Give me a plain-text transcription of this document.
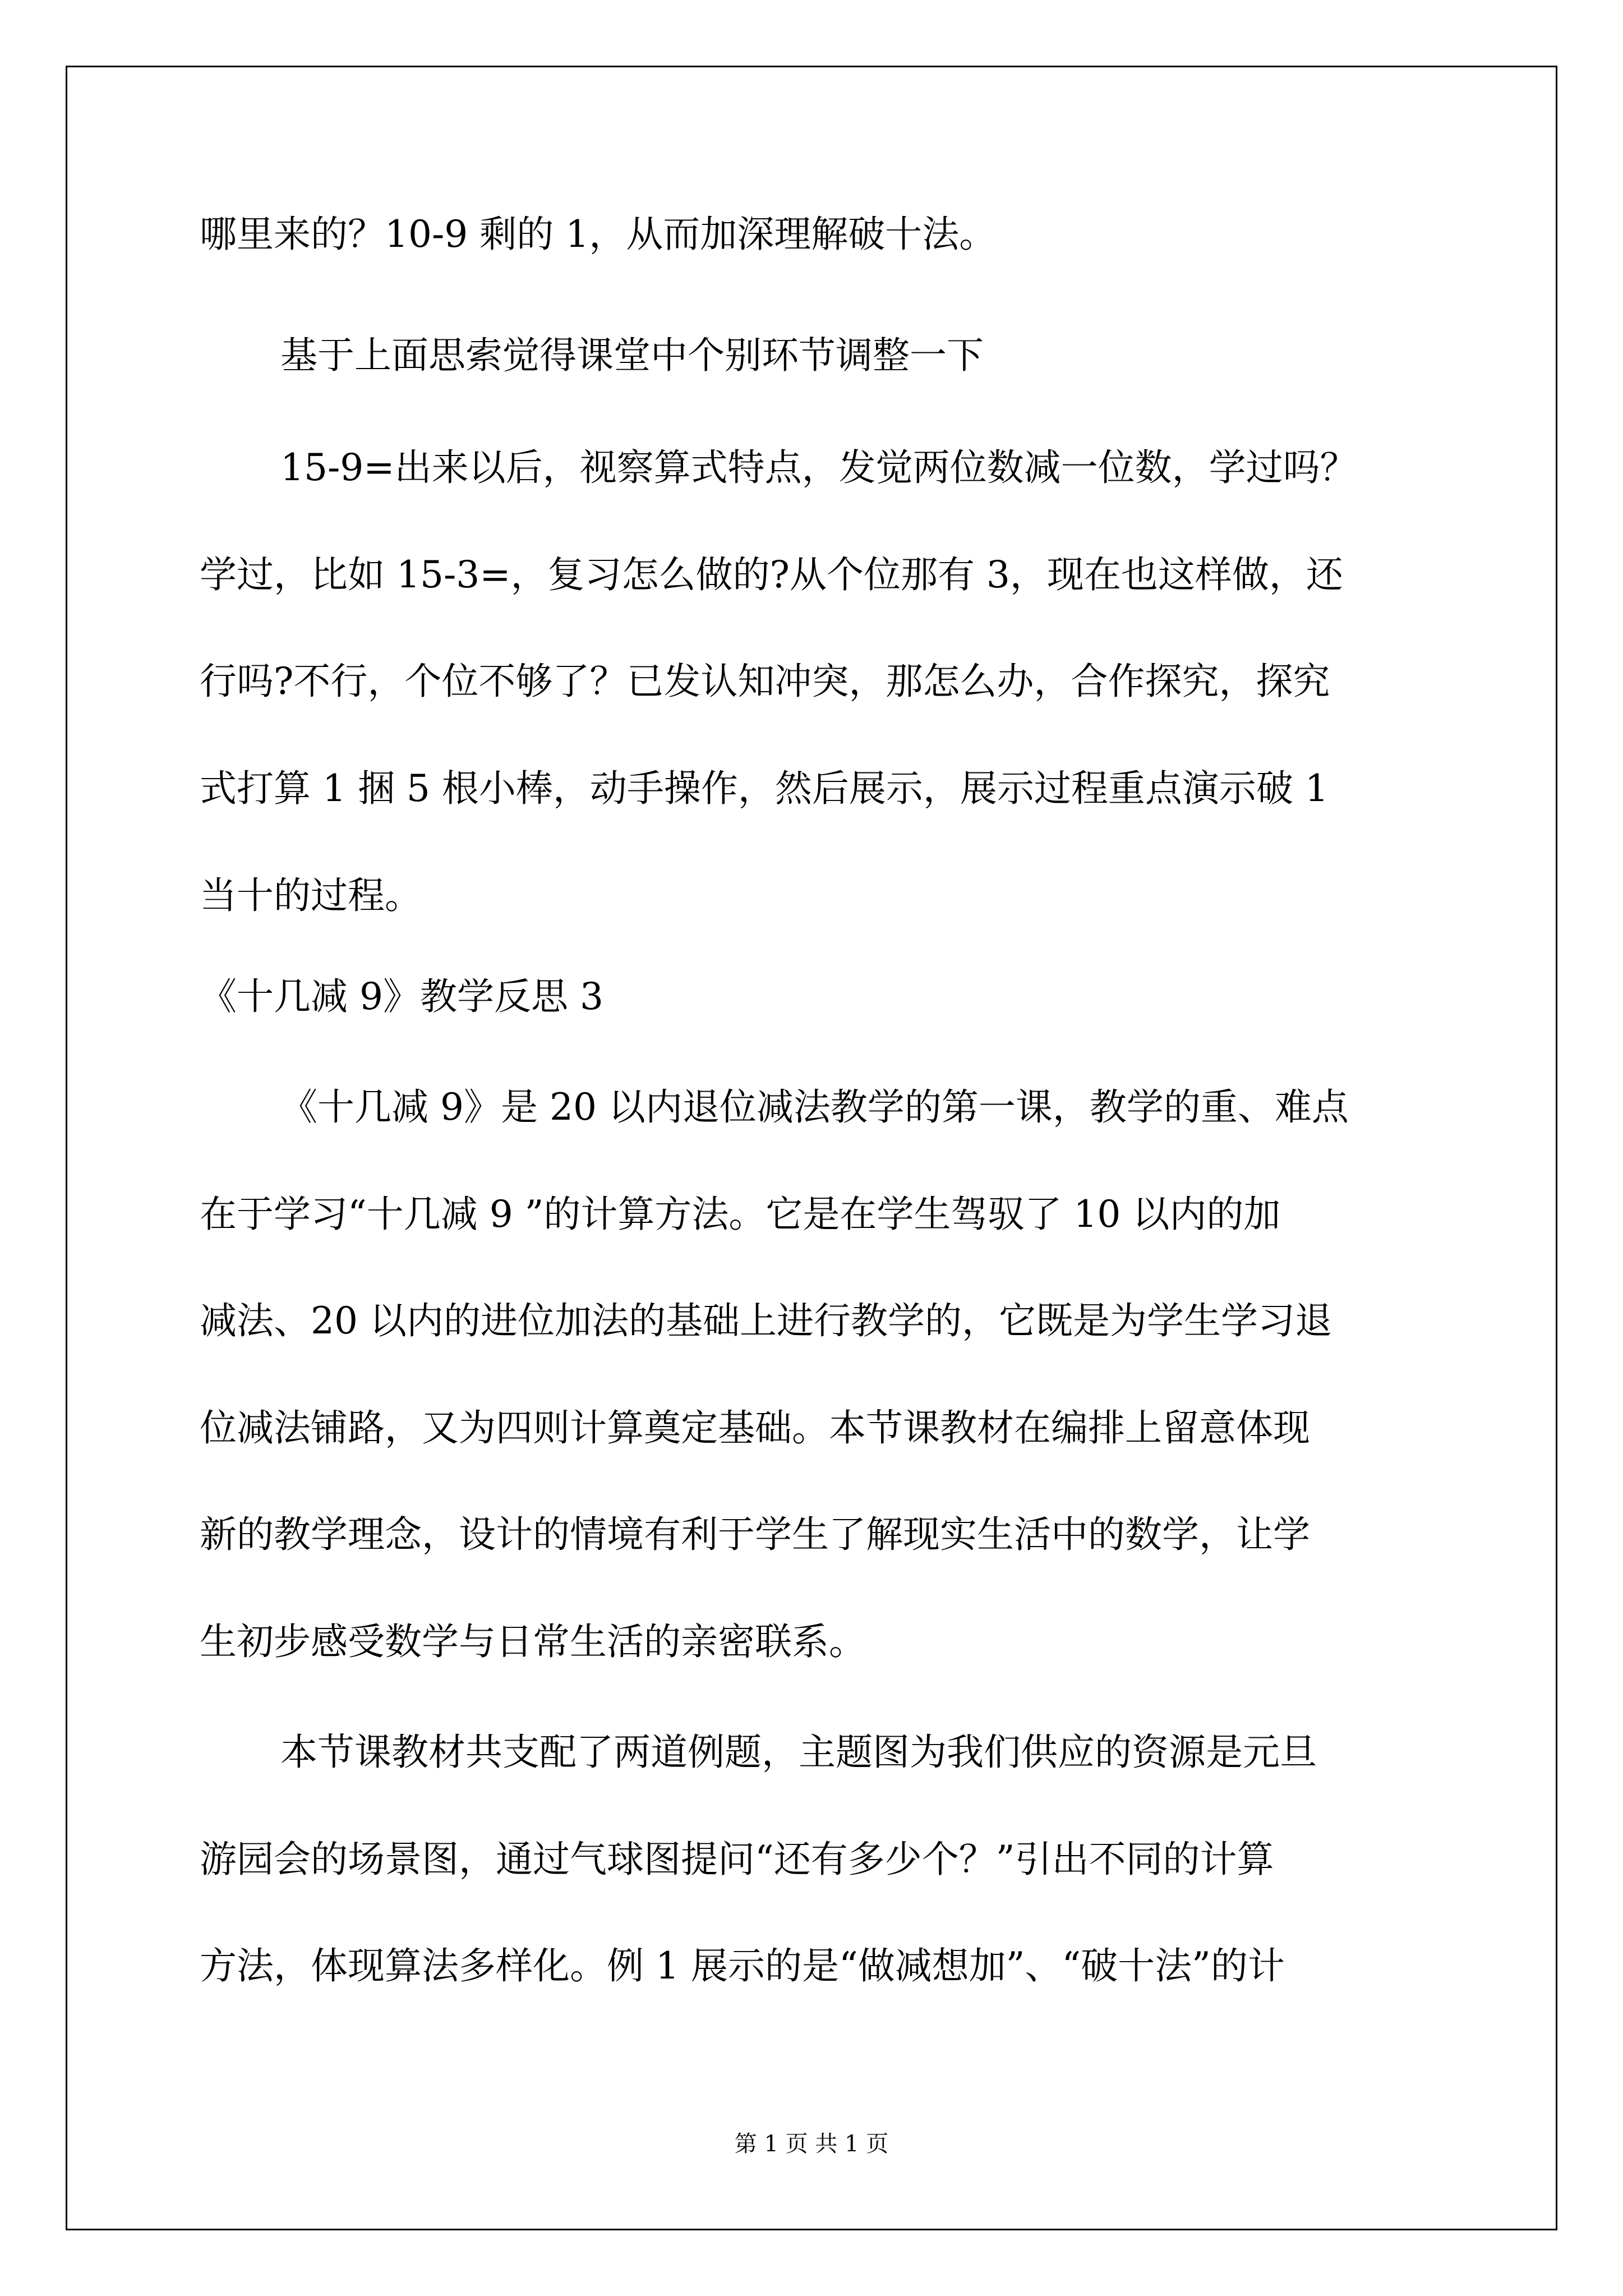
哪里来的？10-9 剩的 1，从而加深理解破十法。
基于上面思索觉得课堂中个别环节调整一下
15-9=出来以后，视察算式特点，发觉两位数减一位数，学过吗？
学过，比如 15-3=，复习怎么做的?从个位那有 3，现在也这样做，还
行吗?不行，个位不够了？已发认知冲突，那怎么办，合作探究，探究
式打算 1 捆 5 根小棒，动手操作，然后展示，展示过程重点演示破 1
当十的过程。
《十几减 9》教学反思 3
《十几减 9》是 20 以内退位减法教学的第一课，教学的重、难点
在于学习“十几减 9 ”的计算方法。它是在学生驾驭了 10 以内的加
减法、20 以内的进位加法的基础上进行教学的，它既是为学生学习退
位减法铺路，又为四则计算奠定基础。本节课教材在编排上留意体现
新的教学理念，设计的情境有利于学生了解现实生活中的数学，让学
生初步感受数学与日常生活的亲密联系。
本节课教材共支配了两道例题，主题图为我们供应的资源是元旦
游园会的场景图，通过气球图提问“还有多少个？”引出不同的计算
方法，体现算法多样化。例 1 展示的是“做减想加”、“破十法”的计
第 1 页 共 1 页
